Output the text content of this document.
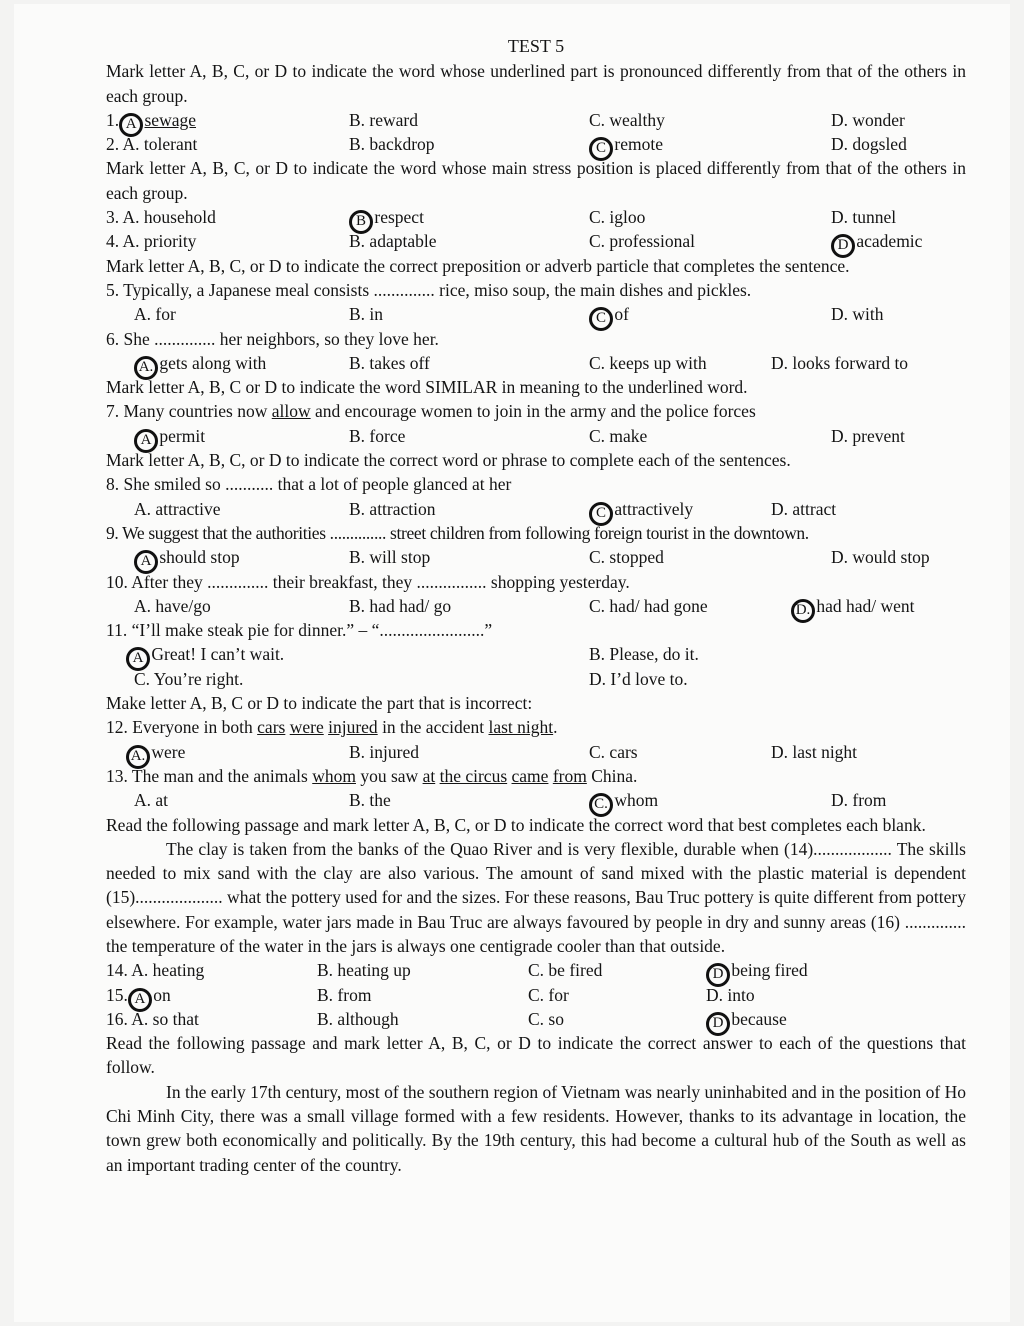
TEST 5
Mark letter A, B, C, or D to indicate the word whose underlined part is pronounced differently from that of the others in each group.
1. A sewage	B. reward	C. wealthy	D. wonder
2. A. tolerant	B. backdrop	C remote	D. dogsled
Mark letter A, B, C, or D to indicate the word whose main stress position is placed differently from that of the others in each group.
3. A. household	B respect	C. igloo	D. tunnel
4. A. priority	B. adaptable	C. professional	D academic
Mark letter A, B, C, or D to indicate the correct preposition or adverb particle that completes the sentence.
5. Typically, a Japanese meal consists .............. rice, miso soup, the main dishes and pickles.
A. for	B. in	C of	D. with
6. She .............. her neighbors, so they love her.
A. gets along with	B. takes off	C. keeps up with	D. looks forward to
Mark letter A, B, C or D to indicate the word SIMILAR in meaning to the underlined word.
7. Many countries now allow and encourage women to join in the army and the police forces
A permit	B. force	C. make	D. prevent
Mark letter A, B, C, or D to indicate the correct word or phrase to complete each of the sentences.
8. She smiled so ........... that a lot of people glanced at her
A. attractive	B. attraction	C attractively	D. attract
9. We suggest that the authorities .............. street children from following foreign tourist in the downtown.
A should stop	B. will stop	C. stopped	D. would stop
10. After they .............. their breakfast, they ................ shopping yesterday.
A. have/go	B. had had/ go	C. had/ had gone	D. had had/ went
11. “I’ll make steak pie for dinner.” – “........................”
A Great! I can’t wait.	B. Please, do it.
C. You’re right.	D. I’d love to.
Make letter A, B, C or D to indicate the part that is incorrect:
12. Everyone in both cars were injured in the accident last night.
A. were	B. injured	C. cars	D. last night
13. The man and the animals whom you saw at the circus came from China.
A. at	B. the	C. whom	D. from
Read the following passage and mark letter A, B, C, or D to indicate the correct word that best completes each blank.
The clay is taken from the banks of the Quao River and is very flexible, durable when (14).................. The skills needed to mix sand with the clay are also various. The amount of sand mixed with the plastic material is dependent (15).................... what the pottery used for and the sizes. For these reasons, Bau Truc pottery is quite different from pottery elsewhere. For example, water jars made in Bau Truc are always favoured by people in dry and sunny areas (16) .............. the temperature of the water in the jars is always one centigrade cooler than that outside.
14. A. heating	B. heating up	C. be fired	D being fired
15. A on	B. from	C. for	D. into
16. A. so that	B. although	C. so	D because
Read the following passage and mark letter A, B, C, or D to indicate the correct answer to each of the questions that follow.
In the early 17th century, most of the southern region of Vietnam was nearly uninhabited and in the position of Ho Chi Minh City, there was a small village formed with a few residents. However, thanks to its advantage in location, the town grew both economically and politically. By the 19th century, this had become a cultural hub of the South as well as an important trading center of the country.
